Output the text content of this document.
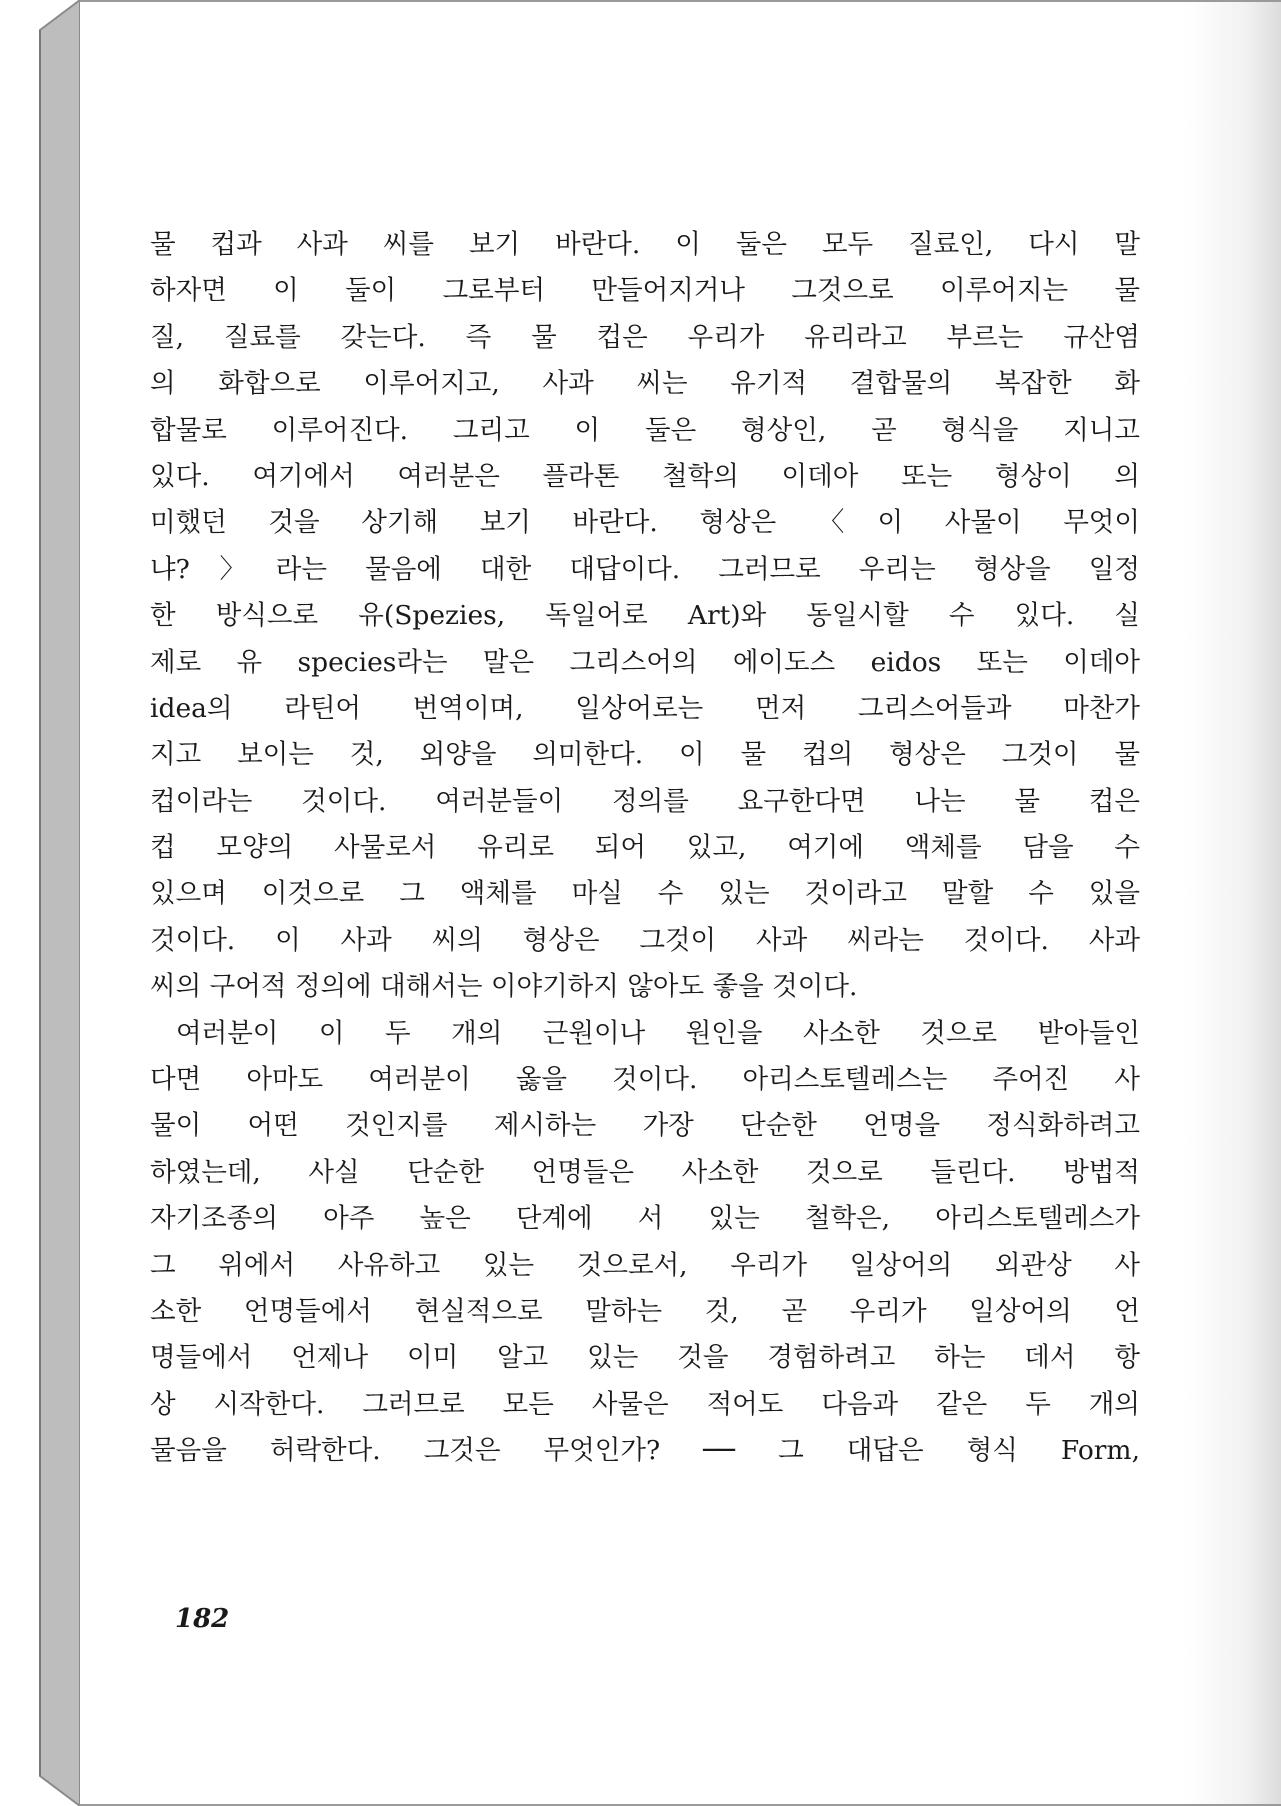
물 컵과 사과 씨를 보기 바란다. 이 둘은 모두 질료인, 다시 말
하자면 이 둘이 그로부터 만들어지거나 그것으로 이루어지는 물
질, 질료를 갖는다. 즉 물 컵은 우리가 유리라고 부르는 규산염
의 화합으로 이루어지고, 사과 씨는 유기적 결합물의 복잡한 화
합물로 이루어진다. 그리고 이 둘은 형상인, 곧 형식을 지니고
있다. 여기에서 여러분은 플라톤 철학의 이데아 또는 형상이 의
미했던 것을 상기해 보기 바란다. 형상은 〈이 사물이 무엇이
냐?〉라는 물음에 대한 대답이다. 그러므로 우리는 형상을 일정
한 방식으로 유(Spezies, 독일어로 Art)와 동일시할 수 있다. 실
제로 유 species라는 말은 그리스어의 에이도스 eidos 또는 이데아
idea의 라틴어 번역이며, 일상어로는 먼저 그리스어들과 마찬가
지고 보이는 것, 외양을 의미한다. 이 물 컵의 형상은 그것이 물
컵이라는 것이다. 여러분들이 정의를 요구한다면 나는 물 컵은
컵 모양의 사물로서 유리로 되어 있고, 여기에 액체를 담을 수
있으며 이것으로 그 액체를 마실 수 있는 것이라고 말할 수 있을
것이다. 이 사과 씨의 형상은 그것이 사과 씨라는 것이다. 사과
씨의 구어적 정의에 대해서는 이야기하지 않아도 좋을 것이다.
여러분이 이 두 개의 근원이나 원인을 사소한 것으로 받아들인
다면 아마도 여러분이 옳을 것이다. 아리스토텔레스는 주어진 사
물이 어떤 것인지를 제시하는 가장 단순한 언명을 정식화하려고
하였는데, 사실 단순한 언명들은 사소한 것으로 들린다. 방법적
자기조종의 아주 높은 단계에 서 있는 철학은, 아리스토텔레스가
그 위에서 사유하고 있는 것으로서, 우리가 일상어의 외관상 사
소한 언명들에서 현실적으로 말하는 것, 곧 우리가 일상어의 언
명들에서 언제나 이미 알고 있는 것을 경험하려고 하는 데서 항
상 시작한다. 그러므로 모든 사물은 적어도 다음과 같은 두 개의
물음을 허락한다. 그것은 무엇인가? ── 그 대답은 형식 Form,
182
